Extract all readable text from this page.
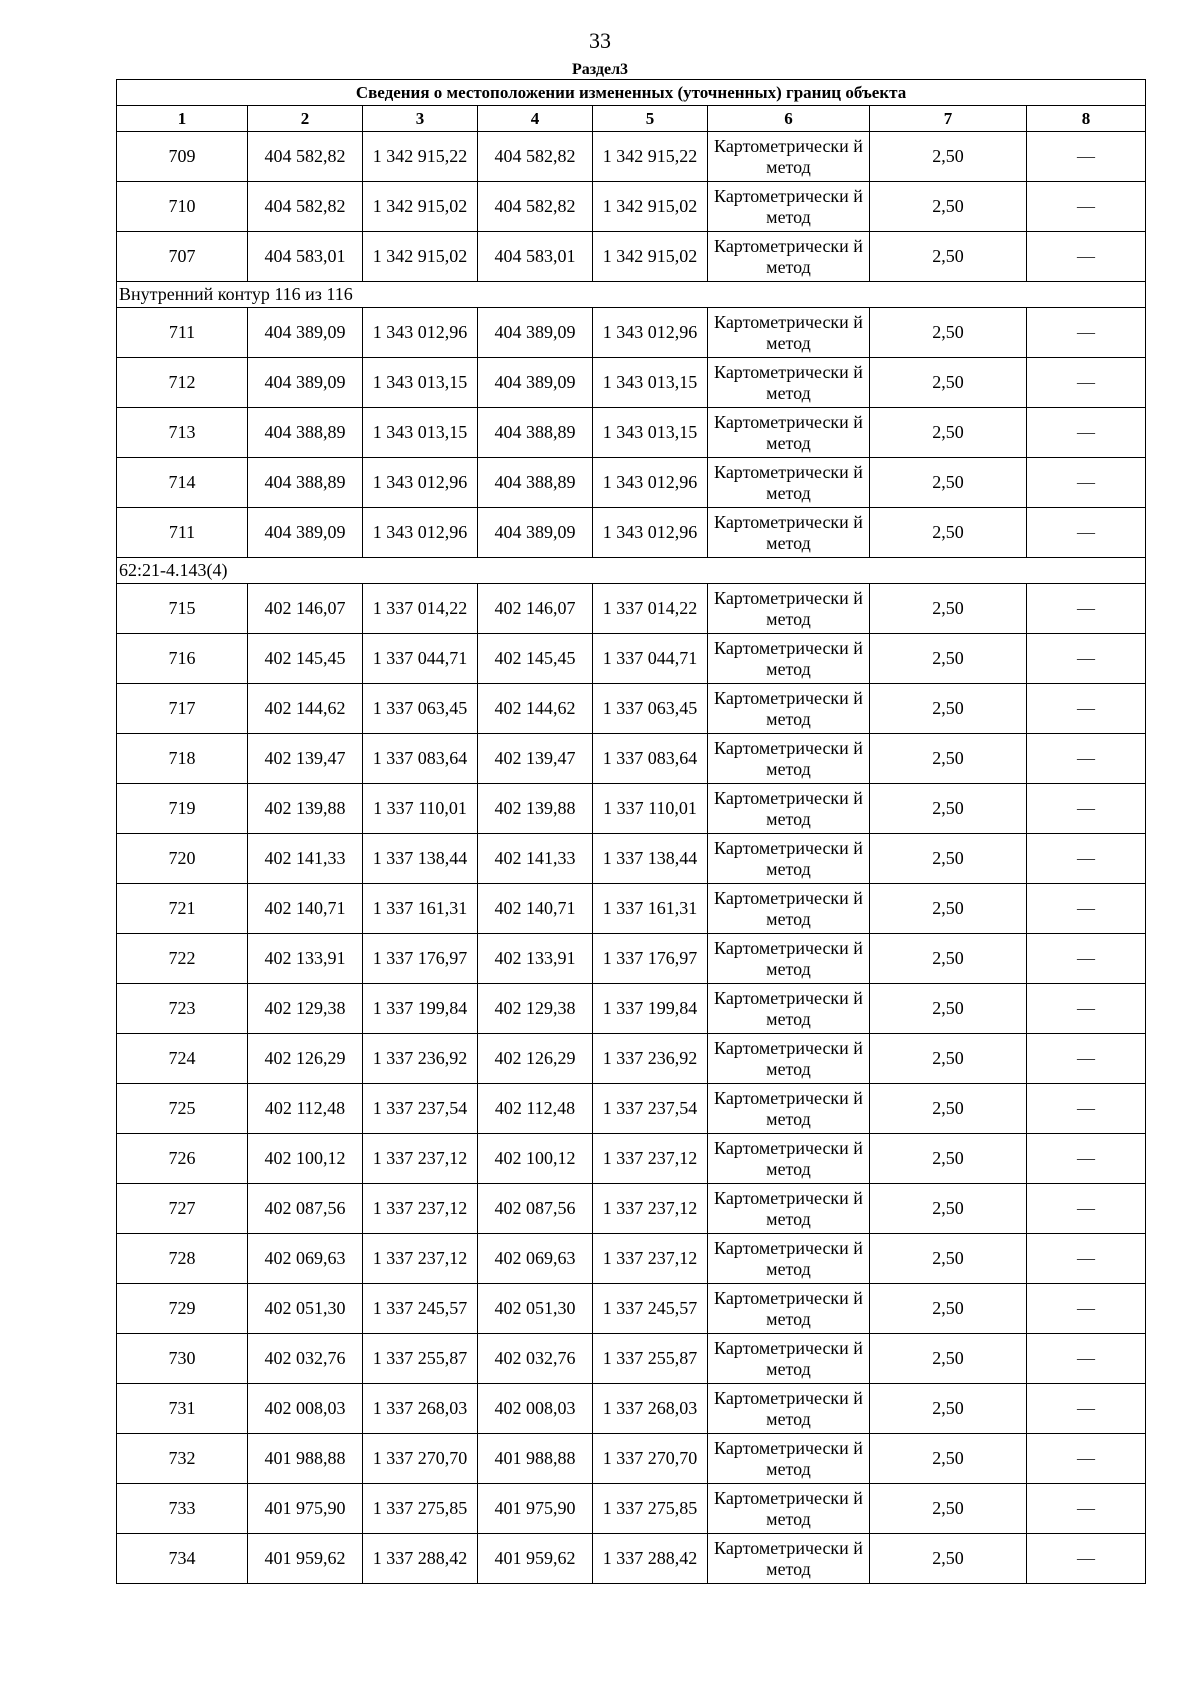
33
Раздел3
Сведения о местоположении измененных (уточненных) границ объекта							
1	2	3	4	5	6	7	8
709	404 582,82	1 342 915,22	404 582,82	1 342 915,22	Картометрически й метод	2,50	—
710	404 582,82	1 342 915,02	404 582,82	1 342 915,02	Картометрически й метод	2,50	—
707	404 583,01	1 342 915,02	404 583,01	1 342 915,02	Картометрически й метод	2,50	—
Внутренний контур 116 из 116							
711	404 389,09	1 343 012,96	404 389,09	1 343 012,96	Картометрически й метод	2,50	—
712	404 389,09	1 343 013,15	404 389,09	1 343 013,15	Картометрически й метод	2,50	—
713	404 388,89	1 343 013,15	404 388,89	1 343 013,15	Картометрически й метод	2,50	—
714	404 388,89	1 343 012,96	404 388,89	1 343 012,96	Картометрически й метод	2,50	—
711	404 389,09	1 343 012,96	404 389,09	1 343 012,96	Картометрически й метод	2,50	—
62:21-4.143(4)							
715	402 146,07	1 337 014,22	402 146,07	1 337 014,22	Картометрически й метод	2,50	—
716	402 145,45	1 337 044,71	402 145,45	1 337 044,71	Картометрически й метод	2,50	—
717	402 144,62	1 337 063,45	402 144,62	1 337 063,45	Картометрически й метод	2,50	—
718	402 139,47	1 337 083,64	402 139,47	1 337 083,64	Картометрически й метод	2,50	—
719	402 139,88	1 337 110,01	402 139,88	1 337 110,01	Картометрически й метод	2,50	—
720	402 141,33	1 337 138,44	402 141,33	1 337 138,44	Картометрически й метод	2,50	—
721	402 140,71	1 337 161,31	402 140,71	1 337 161,31	Картометрически й метод	2,50	—
722	402 133,91	1 337 176,97	402 133,91	1 337 176,97	Картометрически й метод	2,50	—
723	402 129,38	1 337 199,84	402 129,38	1 337 199,84	Картометрически й метод	2,50	—
724	402 126,29	1 337 236,92	402 126,29	1 337 236,92	Картометрически й метод	2,50	—
725	402 112,48	1 337 237,54	402 112,48	1 337 237,54	Картометрически й метод	2,50	—
726	402 100,12	1 337 237,12	402 100,12	1 337 237,12	Картометрически й метод	2,50	—
727	402 087,56	1 337 237,12	402 087,56	1 337 237,12	Картометрически й метод	2,50	—
728	402 069,63	1 337 237,12	402 069,63	1 337 237,12	Картометрически й метод	2,50	—
729	402 051,30	1 337 245,57	402 051,30	1 337 245,57	Картометрически й метод	2,50	—
730	402 032,76	1 337 255,87	402 032,76	1 337 255,87	Картометрически й метод	2,50	—
731	402 008,03	1 337 268,03	402 008,03	1 337 268,03	Картометрически й метод	2,50	—
732	401 988,88	1 337 270,70	401 988,88	1 337 270,70	Картометрически й метод	2,50	—
733	401 975,90	1 337 275,85	401 975,90	1 337 275,85	Картометрически й метод	2,50	—
734	401 959,62	1 337 288,42	401 959,62	1 337 288,42	Картометрически й метод	2,50	—
